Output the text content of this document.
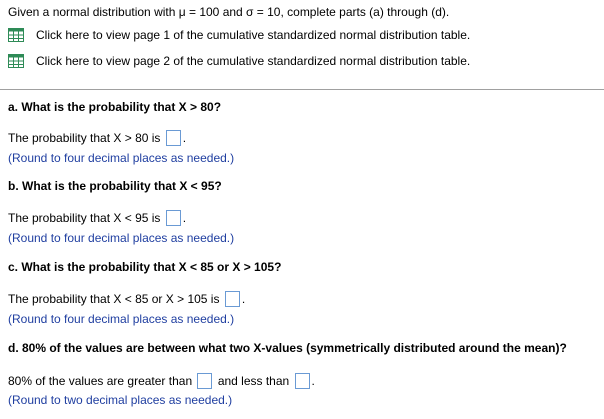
Given a normal distribution with μ = 100 and σ = 10, complete parts (a) through (d).
Click here to view page 1 of the cumulative standardized normal distribution table.
Click here to view page 2 of the cumulative standardized normal distribution table.
a. What is the probability that X > 80?
The probability that X > 80 is .
(Round to four decimal places as needed.)
b. What is the probability that X < 95?
The probability that X < 95 is .
(Round to four decimal places as needed.)
c. What is the probability that X < 85 or X > 105?
The probability that X < 85 or X > 105 is .
(Round to four decimal places as needed.)
d. 80% of the values are between what two X-values (symmetrically distributed around the mean)?
80% of the values are greater than and less than .
(Round to two decimal places as needed.)
